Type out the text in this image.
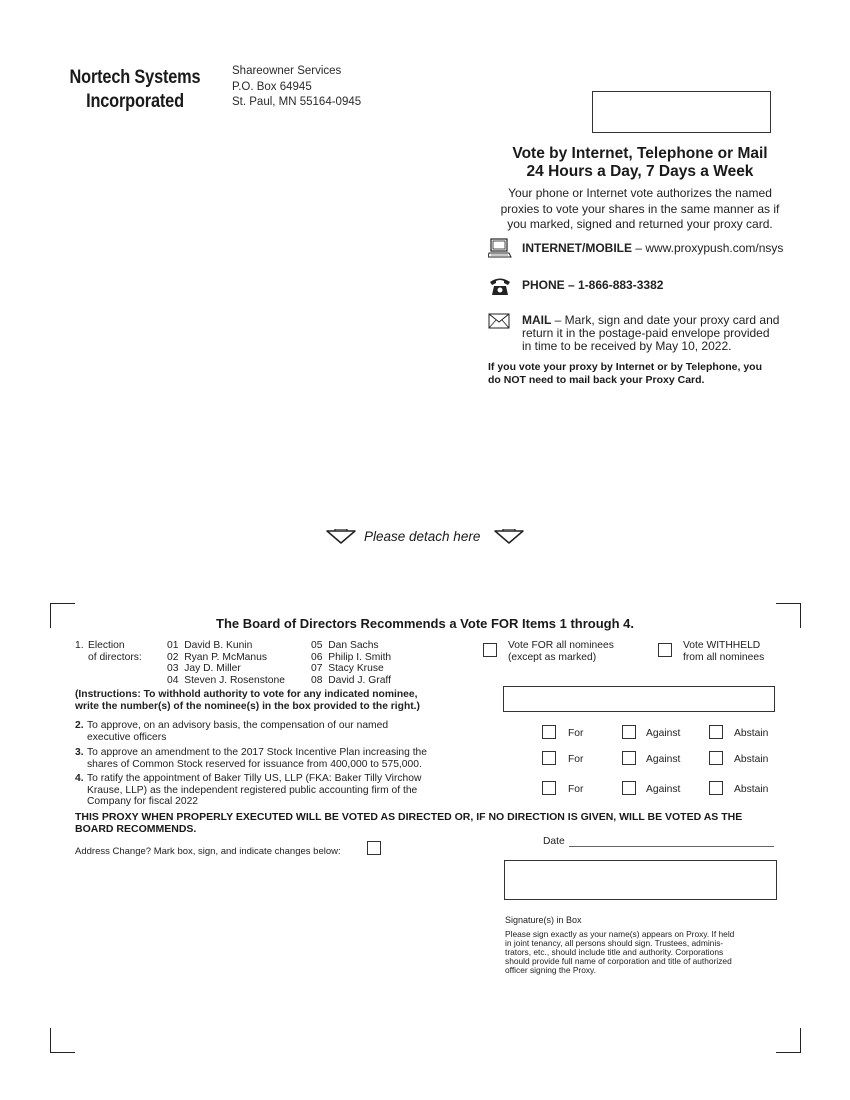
Nortech Systems
Incorporated
Shareowner Services
P.O. Box 64945
St. Paul, MN 55164-0945
Vote by Internet, Telephone or Mail
24 Hours a Day, 7 Days a Week
Your phone or Internet vote authorizes the named
proxies to vote your shares in the same manner as if
you marked, signed and returned your proxy card.
INTERNET/MOBILE – www.proxypush.com/nsys
PHONE – 1-866-883-3382
MAIL – Mark, sign and date your proxy card and
return it in the postage-paid envelope provided
in time to be received by May 10, 2022.
If you vote your proxy by Internet or by Telephone, you
do NOT need to mail back your Proxy Card.
Please detach here
The Board of Directors Recommends a Vote FOR Items 1 through 4.
1. Election
of directors:
01 David B. Kunin
02 Ryan P. McManus
03 Jay D. Miller
04 Steven J. Rosenstone
05 Dan Sachs
06 Philip I. Smith
07 Stacy Kruse
08 David J. Graff
Vote FOR all nominees
(except as marked)
Vote WITHHELD
from all nominees
(Instructions: To withhold authority to vote for any indicated nominee,
write the number(s) of the nominee(s) in the box provided to the right.)
2. To approve, on an advisory basis, the compensation of our named
executive officers
3. To approve an amendment to the 2017 Stock Incentive Plan increasing the
shares of Common Stock reserved for issuance from 400,000 to 575,000.
4. To ratify the appointment of Baker Tilly US, LLP (FKA: Baker Tilly Virchow
Krause, LLP) as the independent registered public accounting firm of the
Company for fiscal 2022
For	Against	Abstain
For	Against	Abstain
For	Against	Abstain
THIS PROXY WHEN PROPERLY EXECUTED WILL BE VOTED AS DIRECTED OR, IF NO DIRECTION IS GIVEN, WILL BE VOTED AS THE
BOARD RECOMMENDS.
Address Change? Mark box, sign, and indicate changes below:
Date
Signature(s) in Box
Please sign exactly as your name(s) appears on Proxy. If held
in joint tenancy, all persons should sign. Trustees, adminis-
trators, etc., should include title and authority. Corporations
should provide full name of corporation and title of authorized
officer signing the Proxy.
